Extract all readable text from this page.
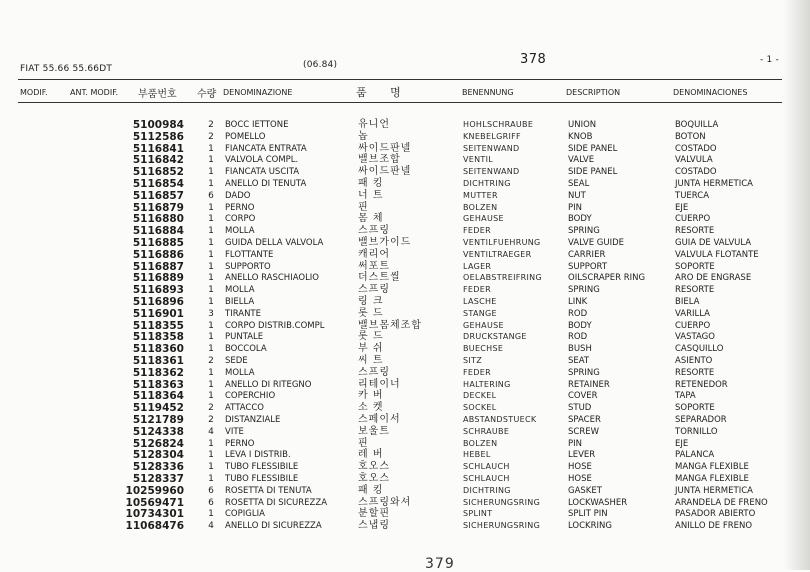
FIAT 55.66 55.66DT	(06.84)	378	- 1 -
MODIF.	ANT. MODIF. 부품번호 수량 DENOMINAZIONE	품 명	BENENNUNG	DESCRIPTION	DENOMINACIONES
5100984	2	BOCC IETTONE	유니언	HOHLSCHRAUBE	UNION	BOQUILLA
5112586	2	POMELLO	놉	KNEBELGRIFF	KNOB	BOTON
5116841	1	FIANCATA ENTRATA	싸이드판넬	SEITENWAND	SIDE PANEL	COSTADO
5116842	1	VALVOLA COMPL.	밸브조합	VENTIL	VALVE	VALVULA
5116852	1	FIANCATA USCITA	싸이드판넬	SEITENWAND	SIDE PANEL	COSTADO
5116854	1	ANELLO DI TENUTA	패 킹	DICHTRING	SEAL	JUNTA HERMETICA
5116857	6	DADO	너 트	MUTTER	NUT	TUERCA
5116879	1	PERNO	핀	BOLZEN	PIN	EJE
5116880	1	CORPO	몸 체	GEHAUSE	BODY	CUERPO
5116884	1	MOLLA	스프링	FEDER	SPRING	RESORTE
5116885	1	GUIDA DELLA VALVOLA	밸브가이드	VENTILFUEHRUNG	VALVE GUIDE	GUIA DE VALVULA
5116886	1	FLOTTANTE	캐리어	VENTILTRAEGER	CARRIER	VALVULA FLOTANTE
5116887	1	SUPPORTO	써포트	LAGER	SUPPORT	SOPORTE
5116889	1	ANELLO RASCHIAOLIO	더스트씰	OELABSTREIFRING	OILSCRAPER RING	ARO DE ENGRASE
5116893	1	MOLLA	스프링	FEDER	SPRING	RESORTE
5116896	1	BIELLA	링 크	LASCHE	LINK	BIELA
5116901	3	TIRANTE	롯 드	STANGE	ROD	VARILLA
5118355	1	CORPO DISTRIB.COMPL	밸브몸체조합	GEHAUSE	BODY	CUERPO
5118358	1	PUNTALE	롯 드	DRUCKSTANGE	ROD	VASTAGO
5118360	1	BOCCOLA	부 쉬	BUECHSE	BUSH	CASQUILLO
5118361	2	SEDE	씨 트	SITZ	SEAT	ASIENTO
5118362	1	MOLLA	스프링	FEDER	SPRING	RESORTE
5118363	1	ANELLO DI RITEGNO	리테이너	HALTERING	RETAINER	RETENEDOR
5118364	1	COPERCHIO	카 버	DECKEL	COVER	TAPA
5119452	2	ATTACCO	소 켓	SOCKEL	STUD	SOPORTE
5121789	2	DISTANZIALE	스페이서	ABSTANDSTUECK	SPACER	SEPARADOR
5124338	4	VITE	보울트	SCHRAUBE	SCREW	TORNILLO
5126824	1	PERNO	핀	BOLZEN	PIN	EJE
5128304	1	LEVA I DISTRIB.	레 버	HEBEL	LEVER	PALANCA
5128336	1	TUBO FLESSIBILE	호오스	SCHLAUCH	HOSE	MANGA FLEXIBLE
5128337	1	TUBO FLESSIBILE	호오스	SCHLAUCH	HOSE	MANGA FLEXIBLE
10259960	6	ROSETTA DI TENUTA	패 킹	DICHTRING	GASKET	JUNTA HERMETICA
10569471	6	ROSETTA DI SICUREZZA	스프링와셔	SICHERUNGSRING	LOCKWASHER	ARANDELA DE FRENO
10734301	1	COPIGLIA	분할핀	SPLINT	SPLIT PIN	PASADOR ABIERTO
11068476	4	ANELLO DI SICUREZZA	스냅링	SICHERUNGSRING	LOCKRING	ANILLO DE FRENO
379
